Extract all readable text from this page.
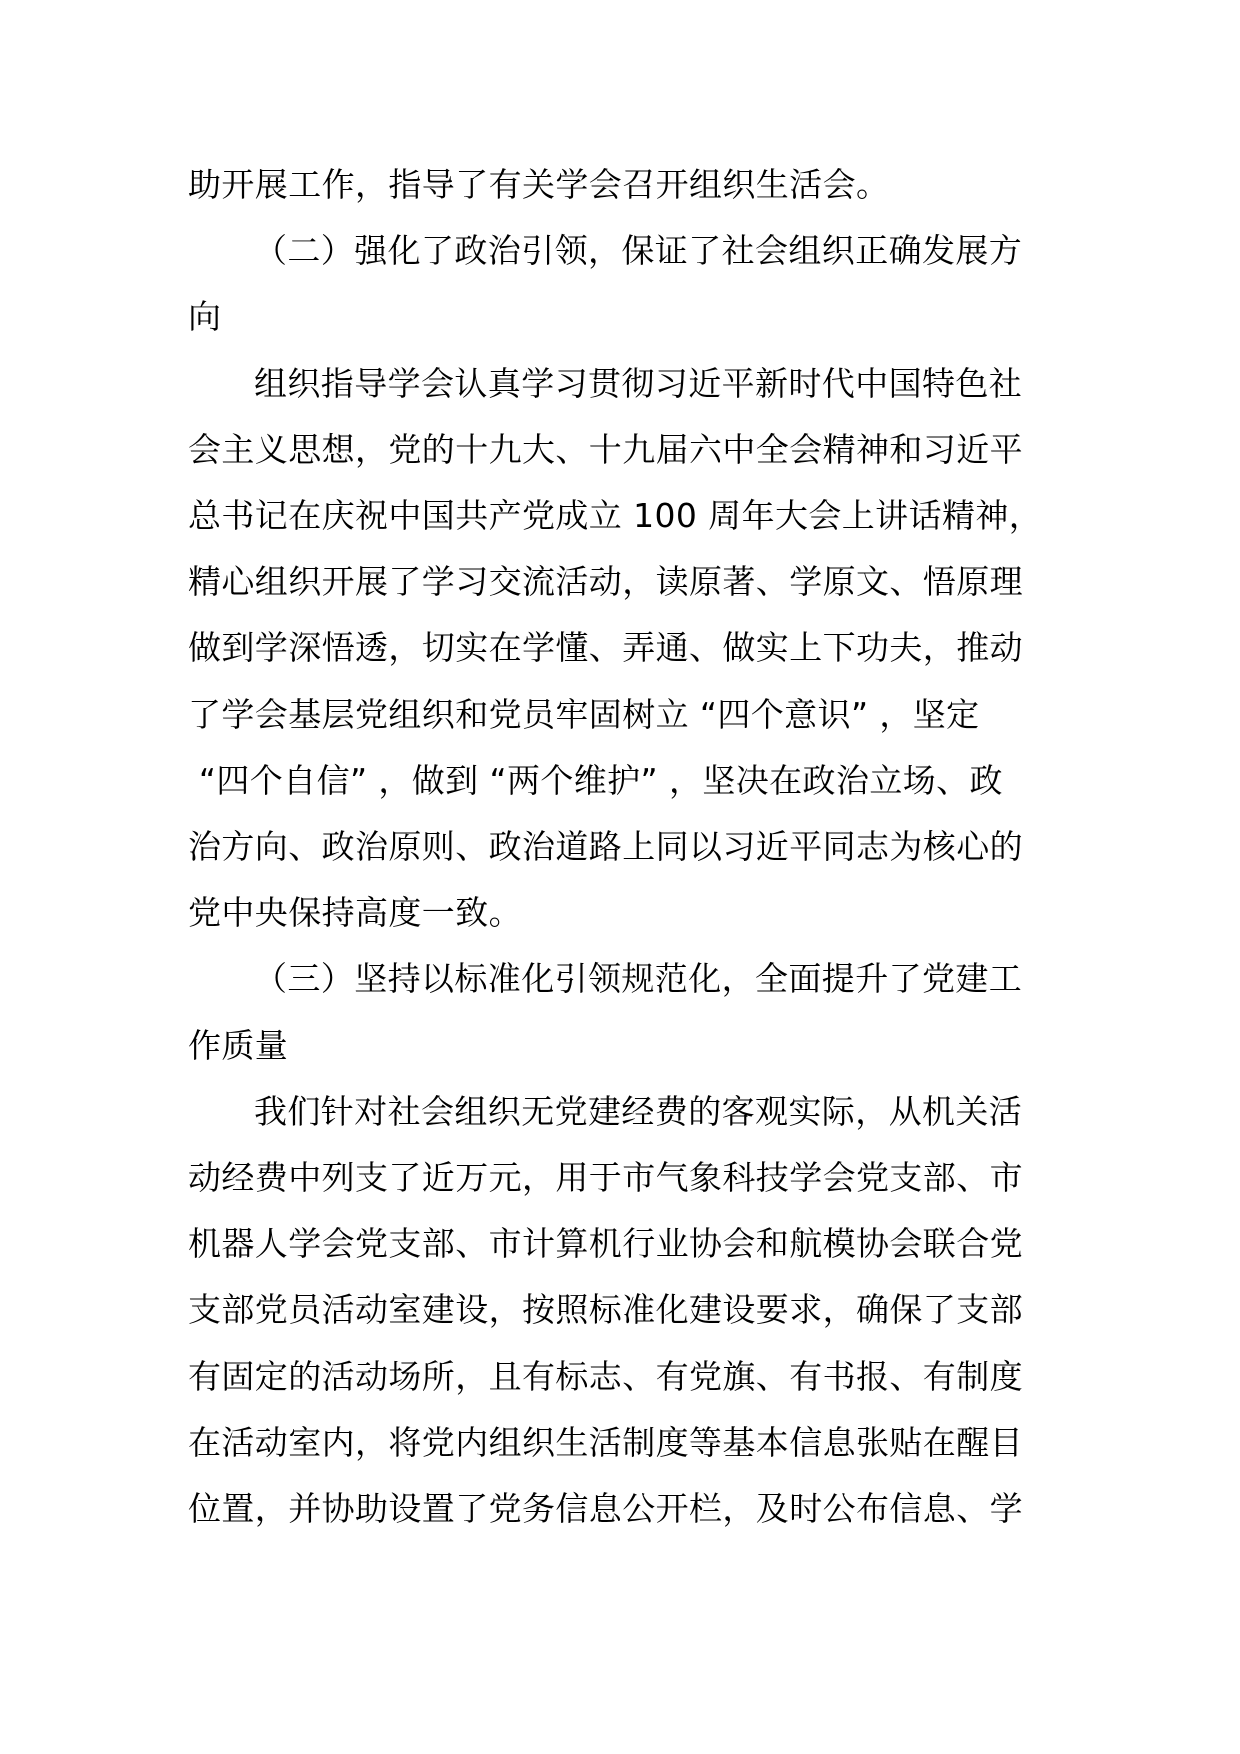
助开展工作，指导了有关学会召开组织生活会。

（二）强化了政治引领，保证了社会组织正确发展方
向

组织指导学会认真学习贯彻习近平新时代中国特色社
会主义思想，党的十九大、十九届六中全会精神和习近平
总书记在庆祝中国共产党成立 100 周年大会上讲话精神，
精心组织开展了学习交流活动，读原著、学原文、悟原理
做到学深悟透，切实在学懂、弄通、做实上下功夫，推动
了学会基层党组织和党员牢固树立 “四个意识” ，坚定
“四个自信” ，做到 “两个维护” ，坚决在政治立场、政
治方向、政治原则、政治道路上同以习近平同志为核心的
党中央保持高度一致。

（三）坚持以标准化引领规范化，全面提升了党建工
作质量

我们针对社会组织无党建经费的客观实际，从机关活
动经费中列支了近万元，用于市气象科技学会党支部、市
机器人学会党支部、市计算机行业协会和航模协会联合党
支部党员活动室建设，按照标准化建设要求，确保了支部
有固定的活动场所，且有标志、有党旗、有书报、有制度
在活动室内，将党内组织生活制度等基本信息张贴在醒目
位置，并协助设置了党务信息公开栏，及时公布信息、学
